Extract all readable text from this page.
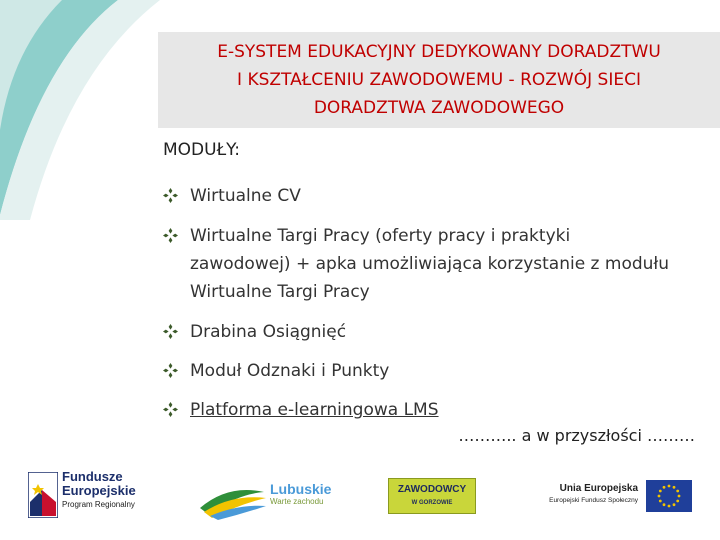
E-SYSTEM EDUKACYJNY DEDYKOWANY DORADZTWU
I KSZTAŁCENIU ZAWODOWEMU - ROZWÓJ SIECI
DORADZTWA ZAWODOWEGO
MODUŁY:
Wirtualne CV
Wirtualne Targi Pracy (oferty pracy i praktyki
zawodowej) + apka umożliwiająca korzystanie z modułu
Wirtualne Targi Pracy
Drabina Osiągnięć
Moduł Odznaki i Punkty
Platforma e-learningowa LMS
……….. a w przyszłości ………
Fundusze
Europejskie
Program Regionalny
Lubuskie
Warte zachodu
ZAWODOWCY
W GORZOWIE
Unia Europejska
Europejski Fundusz Społeczny
